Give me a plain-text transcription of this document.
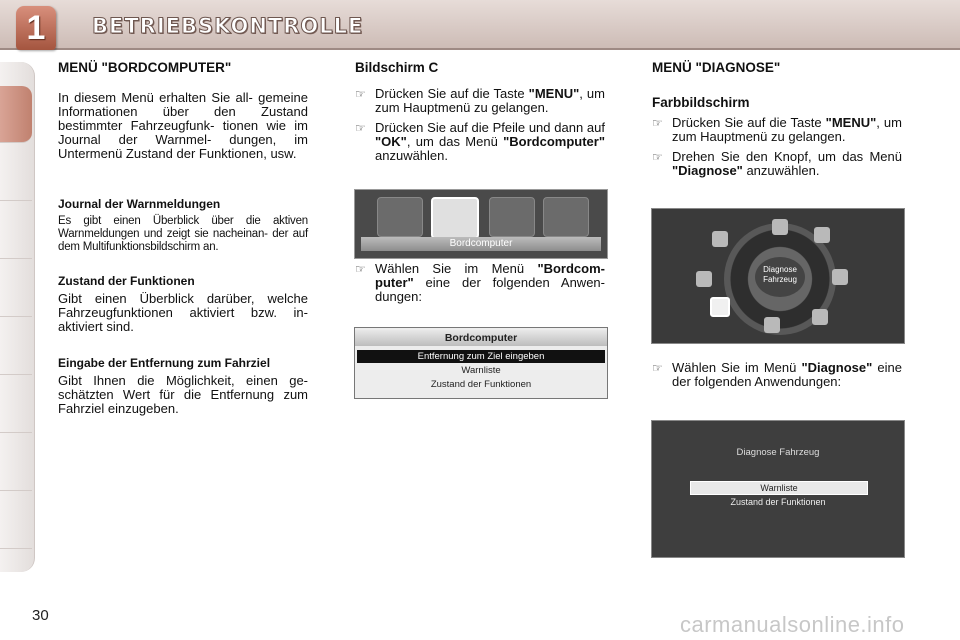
1	BETRIEBSKONTROLLE
MENÜ "BORDCOMPUTER"

In diesem Menü erhalten Sie all- gemeine Informationen über den Zustand bestimmter Fahrzeugfunk- tionen wie im Journal der Warnmel- dungen, im Untermenü Zustand der Funktionen, usw.

Journal der Warnmeldungen

Es gibt einen Überblick über die aktiven Warnmeldungen und zeigt sie nacheinan- der auf dem Multifunktionsbildschirm an.

Zustand der Funktionen

Gibt einen Überblick darüber, welche Fahrzeugfunktionen aktiviert bzw. in- aktiviert sind.

Eingabe der Entfernung zum Fahrziel

Gibt Ihnen die Möglichkeit, einen ge- schätzten Wert für die Entfernung zum Fahrziel einzugeben.

Bildschirm C
☞ Drücken Sie auf die Taste "MENU", um zum Hauptmenü zu gelangen.
☞ Drücken Sie auf die Pfeile und dann auf "OK", um das Menü "Bordcomputer" anzuwählen.
Bordcomputer
☞ Wählen Sie im Menü "Bordcom- puter" eine der folgenden Anwen- dungen:
Bordcomputer
Entfernung zum Ziel eingeben
Warnliste
Zustand der Funktionen
MENÜ "DIAGNOSE"
Farbbildschirm
☞ Drücken Sie auf die Taste "MENU", um zum Hauptmenü zu gelangen.
☞ Drehen Sie den Knopf, um das Menü "Diagnose" anzuwählen.
Diagnose Fahrzeug
☞ Wählen Sie im Menü "Diagnose" eine der folgenden Anwendungen:
Diagnose Fahrzeug
Warnliste
Zustand der Funktionen
30	carmanualsonline.info
